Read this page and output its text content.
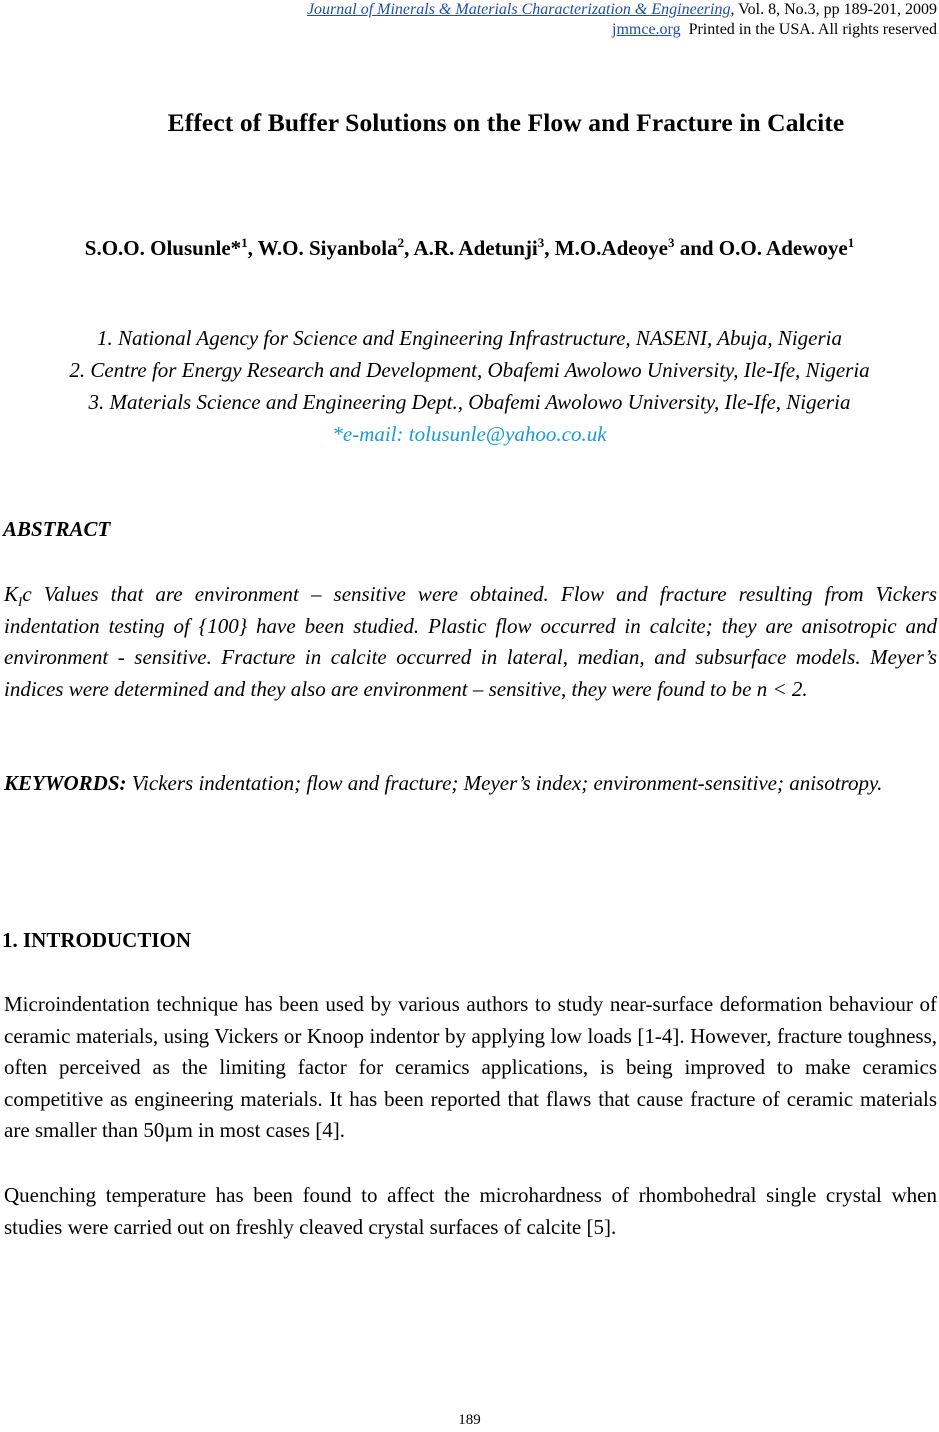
Journal of Minerals & Materials Characterization & Engineering, Vol. 8, No.3, pp 189-201, 2009
jmmce.org Printed in the USA. All rights reserved
Effect of Buffer Solutions on the Flow and Fracture in Calcite
S.O.O. Olusunle*$^1$, W.O. Siyanbola$^2$, A.R. Adetunji$^3$, M.O.Adeoye$^3$ and O.O. Adewoye$^1$
1. National Agency for Science and Engineering Infrastructure, NASENI, Abuja, Nigeria
2. Centre for Energy Research and Development, Obafemi Awolowo University, Ile-Ife, Nigeria
3. Materials Science and Engineering Dept., Obafemi Awolowo University, Ile-Ife, Nigeria
*e-mail: tolusunle@yahoo.co.uk
ABSTRACT
$K_Ic$ Values that are environment – sensitive were obtained. Flow and fracture resulting from Vickers indentation testing of {100} have been studied. Plastic flow occurred in calcite; they are anisotropic and environment - sensitive. Fracture in calcite occurred in lateral, median, and subsurface models. Meyer’s indices were determined and they also are environment – sensitive, they were found to be n < 2.
KEYWORDS: Vickers indentation; flow and fracture; Meyer’s index; environment-sensitive; anisotropy.
1. INTRODUCTION
Microindentation technique has been used by various authors to study near-surface deformation behaviour of ceramic materials, using Vickers or Knoop indentor by applying low loads [1-4]. However, fracture toughness, often perceived as the limiting factor for ceramics applications, is being improved to make ceramics competitive as engineering materials. It has been reported that flaws that cause fracture of ceramic materials are smaller than 50µm in most cases [4].
Quenching temperature has been found to affect the microhardness of rhombohedral single crystal when studies were carried out on freshly cleaved crystal surfaces of calcite [5].
189
